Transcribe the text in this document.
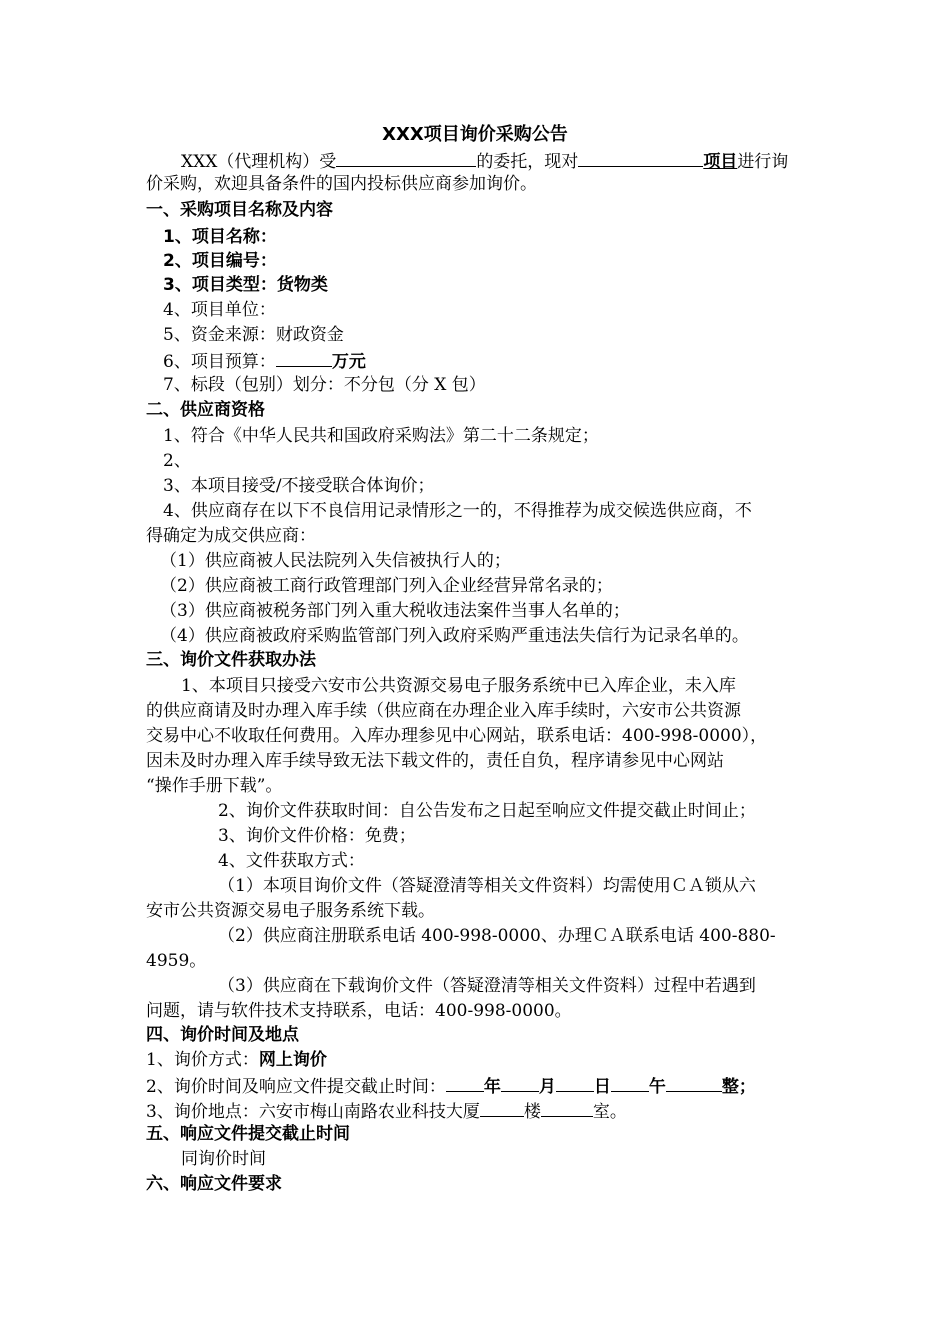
XXX项目询价采购公告
XXX（代理机构）受	的委托，现对	项目进行询
价采购，欢迎具备条件的国内投标供应商参加询价。
一、采购项目名称及内容
1、项目名称：
2、项目编号：
3、项目类型：货物类
4、项目单位：
5、资金来源：财政资金
6、项目预算：	万元
7、标段（包别）划分：不分包（分 X 包）
二、供应商资格
1、符合《中华人民共和国政府采购法》第二十二条规定；
2、
3、本项目接受/不接受联合体询价；
4、供应商存在以下不良信用记录情形之一的，不得推荐为成交候选供应商，不
得确定为成交供应商：
（1）供应商被人民法院列入失信被执行人的；
（2）供应商被工商行政管理部门列入企业经营异常名录的；
（3）供应商被税务部门列入重大税收违法案件当事人名单的；
（4）供应商被政府采购监管部门列入政府采购严重违法失信行为记录名单的。
三、询价文件获取办法
1、本项目只接受六安市公共资源交易电子服务系统中已入库企业，未入库
的供应商请及时办理入库手续（供应商在办理企业入库手续时，六安市公共资源
交易中心不收取任何费用。入库办理参见中心网站，联系电话：400-998-0000），
因未及时办理入库手续导致无法下载文件的，责任自负，程序请参见中心网站
“操作手册下载”。
2、询价文件获取时间：自公告发布之日起至响应文件提交截止时间止；
3、询价文件价格：免费；
4、文件获取方式：
（1）本项目询价文件（答疑澄清等相关文件资料）均需使用ＣＡ锁从六
安市公共资源交易电子服务系统下载。
（2）供应商注册联系电话 400-998-0000、办理ＣＡ联系电话 400-880-
4959。
（3）供应商在下载询价文件（答疑澄清等相关文件资料）过程中若遇到
问题，请与软件技术支持联系，电话：400-998-0000。
四、询价时间及地点
1、询价方式：网上询价
2、询价时间及响应文件提交截止时间： 年 月 日 午	整；
3、询价地点：六安市梅山南路农业科技大厦	楼	室。
五、响应文件提交截止时间
同询价时间
六、响应文件要求
